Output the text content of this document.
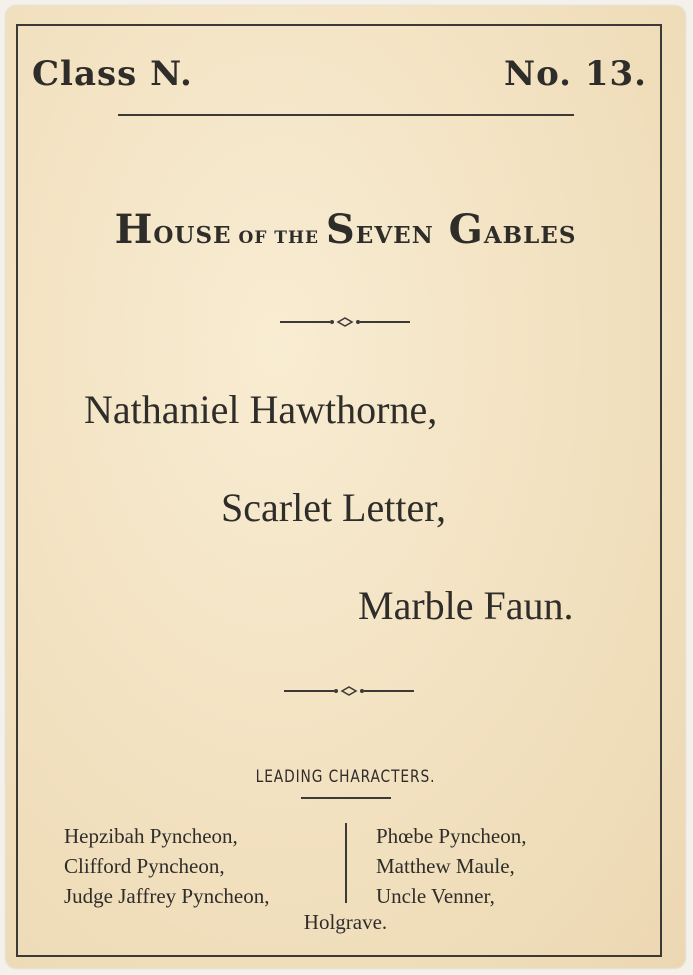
Class N.	No. 13.
HOUSE OF THE SEVEN GABLES
Nathaniel Hawthorne,
Scarlet Letter,
Marble Faun.
LEADING CHARACTERS.
Hepzibah Pyncheon,
Clifford Pyncheon,
Judge Jaffrey Pyncheon,
Phœbe Pyncheon,
Matthew Maule,
Uncle Venner,
Holgrave.
